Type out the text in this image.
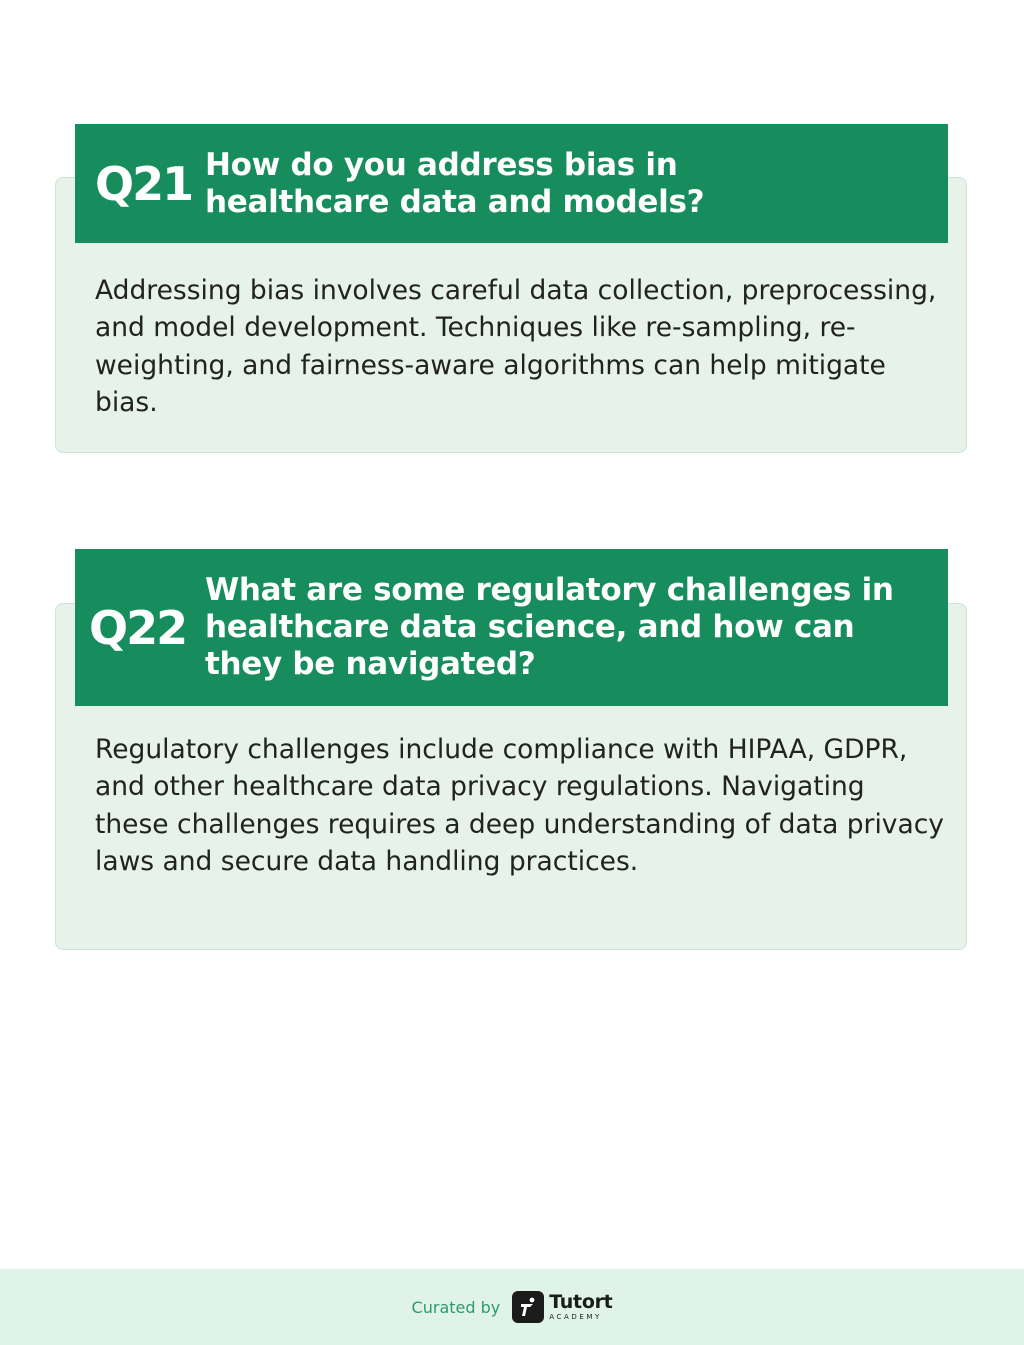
Q21 How do you address bias in healthcare data and models?

Addressing bias involves careful data collection, preprocessing, and model development. Techniques like re-sampling, re-weighting, and fairness-aware algorithms can help mitigate bias.

Q22
What are some regulatory challenges in healthcare data science, and how can they be navigated?

Regulatory challenges include compliance with HIPAA, GDPR, and other healthcare data privacy regulations. Navigating these challenges requires a deep understanding of data privacy laws and secure data handling practices.

Curated by	Tutort
ACADEMY
